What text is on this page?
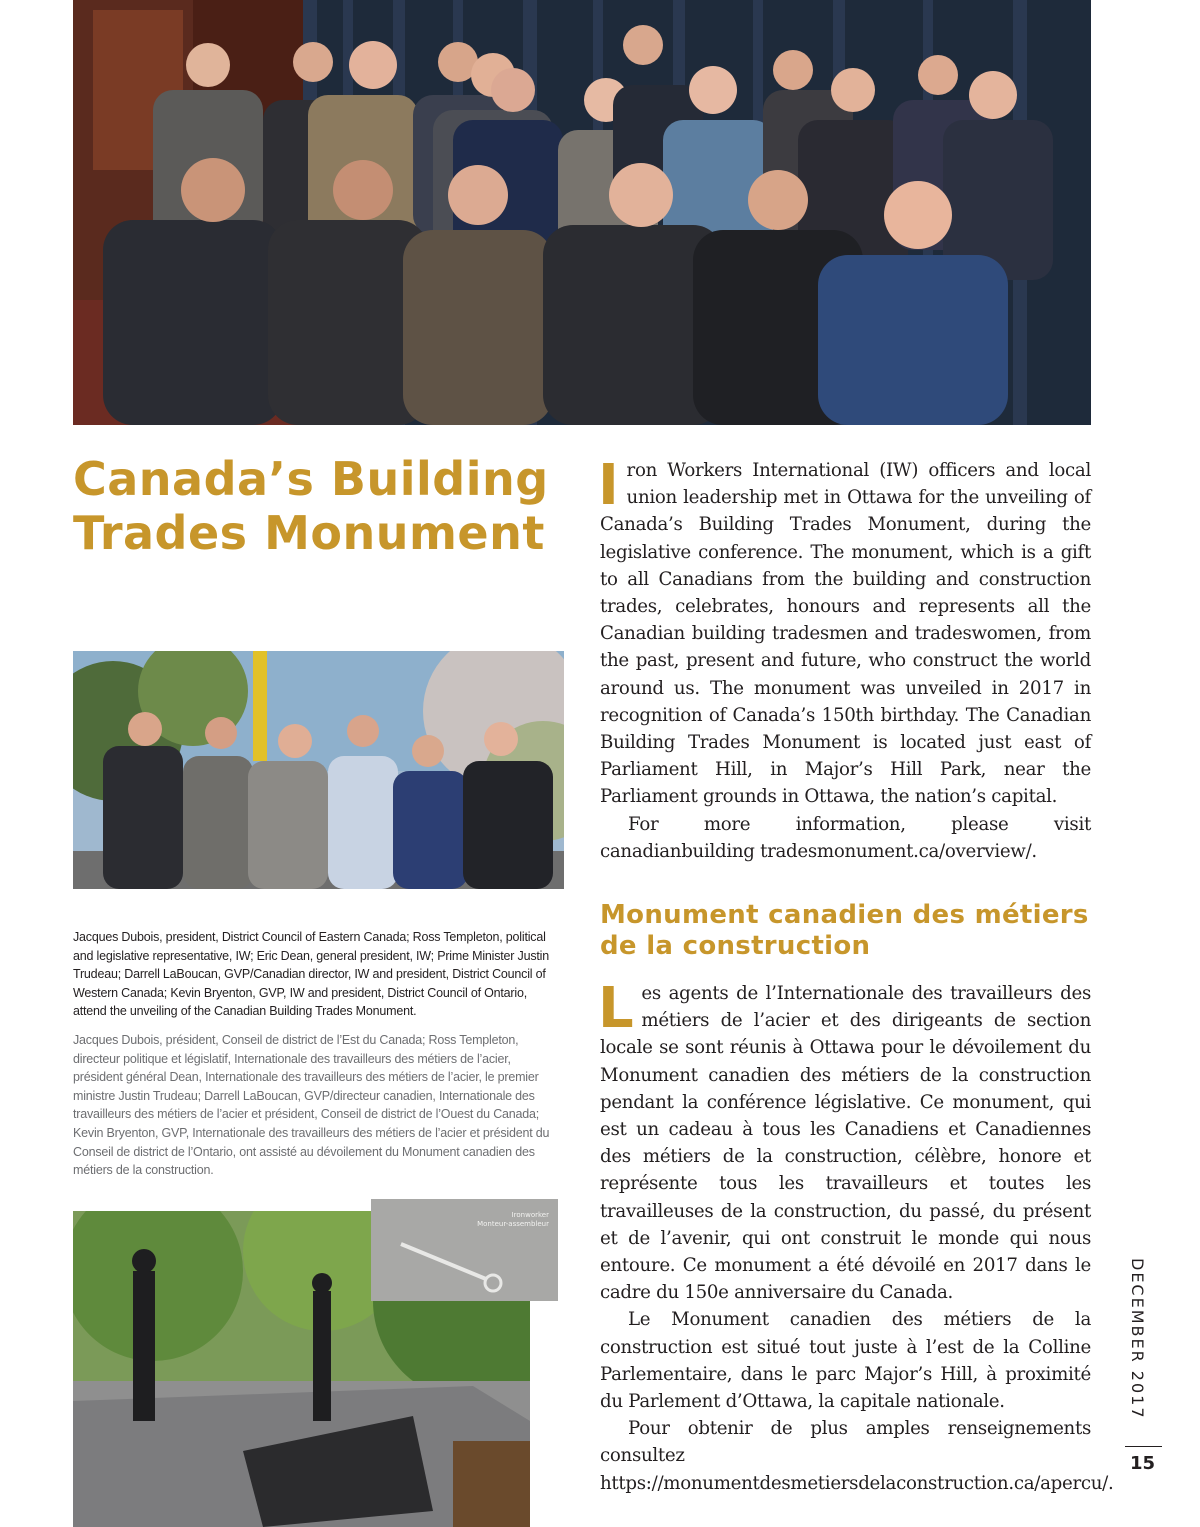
Canada’s Building Trades Monument
Jacques Dubois, president, District Council of Eastern Canada; Ross Templeton, political and legislative representative, IW; Eric Dean, general president, IW; Prime Minister Justin Trudeau; Darrell LaBoucan, GVP/Canadian director, IW and president, District Council of Western Canada; Kevin Bryenton, GVP, IW and president, District Council of Ontario, attend the unveiling of the Canadian Building Trades Monument.
Jacques Dubois, président, Conseil de district de l’Est du Canada; Ross Templeton, directeur politique et législatif, Internationale des travailleurs des métiers de l’acier, président général Dean, Internationale des travailleurs des métiers de l’acier, le premier ministre Justin Trudeau; Darrell LaBoucan, GVP/directeur canadien, Internationale des travailleurs des métiers de l’acier et président, Conseil de district de l’Ouest du Canada; Kevin Bryenton, GVP, Internationale des travailleurs des métiers de l’acier et président du Conseil de district de l’Ontario, ont assisté au dévoilement du Monument canadien des métiers de la construction.
Ironworker
Monteur-assembleur

Iron Workers International (IW) officers and local union leadership met in Ottawa for the unveiling of Canada’s Building Trades Monument, during the legislative conference. The monument, which is a gift to all Canadians from the building and construction trades, celebrates, honours and represents all the Canadian building tradesmen and tradeswomen, from the past, present and future, who construct the world around us. The monument was unveiled in 2017 in recognition of Canada’s 150th birthday. The Canadian Building Trades Monument is located just east of Parliament Hill, in Major’s Hill Park, near the Parliament grounds in Ottawa, the nation’s capital.

For more information, please visit canadianbuilding tradesmonument.ca/overview/.

Monument canadien des métiers de la construction

Les agents de l’Internationale des travailleurs des métiers de l’acier et des dirigeants de section locale se sont réunis à Ottawa pour le dévoilement du Monument canadien des métiers de la construction pendant la conférence législative. Ce monument, qui est un cadeau à tous les Canadiens et Canadiennes des métiers de la construction, célèbre, honore et représente tous les travailleurs et toutes les travailleuses de la construction, du passé, du présent et de l’avenir, qui ont construit le monde qui nous entoure. Ce monument a été dévoilé en 2017 dans le cadre du 150e anniversaire du Canada.

Le Monument canadien des métiers de la construction est situé tout juste à l’est de la Colline Parlementaire, dans le parc Major’s Hill, à proximité du Parlement d’Ottawa, la capitale nationale.

Pour obtenir de plus amples renseignements consultez https://monumentdesmetiersdelaconstruction.ca/apercu/.

DECEMBER 2017
15
